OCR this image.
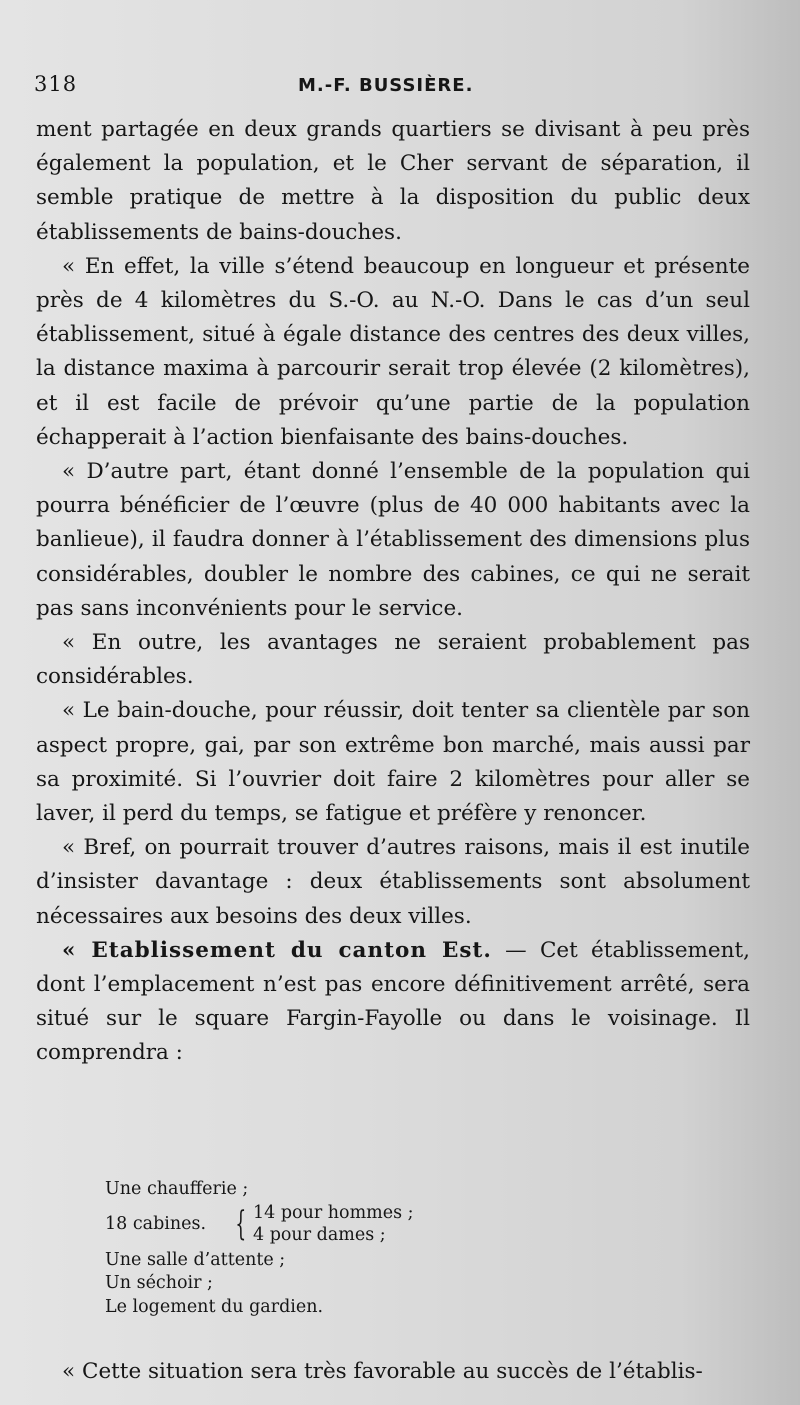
318	M.-F. BUSSIÈRE.

ment partagée en deux grands quartiers se divisant à peu près également la population, et le Cher servant de séparation, il semble pratique de mettre à la disposition du public deux établissements de bains-douches.

« En effet, la ville s’étend beaucoup en longueur et présente près de 4 kilomètres du S.-O. au N.-O. Dans le cas d’un seul établissement, situé à égale distance des centres des deux villes, la distance maxima à parcourir serait trop élevée (2 kilomètres), et il est facile de prévoir qu’une partie de la population échapperait à l’action bienfaisante des bains-douches.

« D’autre part, étant donné l’ensemble de la population qui pourra bénéficier de l’œuvre (plus de 40 000 habitants avec la banlieue), il faudra donner à l’établissement des dimensions plus considérables, doubler le nombre des cabines, ce qui ne serait pas sans inconvénients pour le service.

« En outre, les avantages ne seraient probablement pas considérables.

« Le bain-douche, pour réussir, doit tenter sa clientèle par son aspect propre, gai, par son extrême bon marché, mais aussi par sa proximité. Si l’ouvrier doit faire 2 kilomètres pour aller se laver, il perd du temps, se fatigue et préfère y renoncer.

« Bref, on pourrait trouver d’autres raisons, mais il est inutile d’insister davantage : deux établissements sont absolument nécessaires aux besoins des deux villes.

« Etablissement du canton Est. — Cet établissement, dont l’emplacement n’est pas encore définitivement arrêté, sera situé sur le square Fargin-Fayolle ou dans le voisinage. Il comprendra :

Une chaufferie ;
18 cabines. { 14 pour hommes ;
4 pour dames ;
Une salle d’attente ;
Un séchoir ;
Le logement du gardien.

« Cette situation sera très favorable au succès de l’établis-
